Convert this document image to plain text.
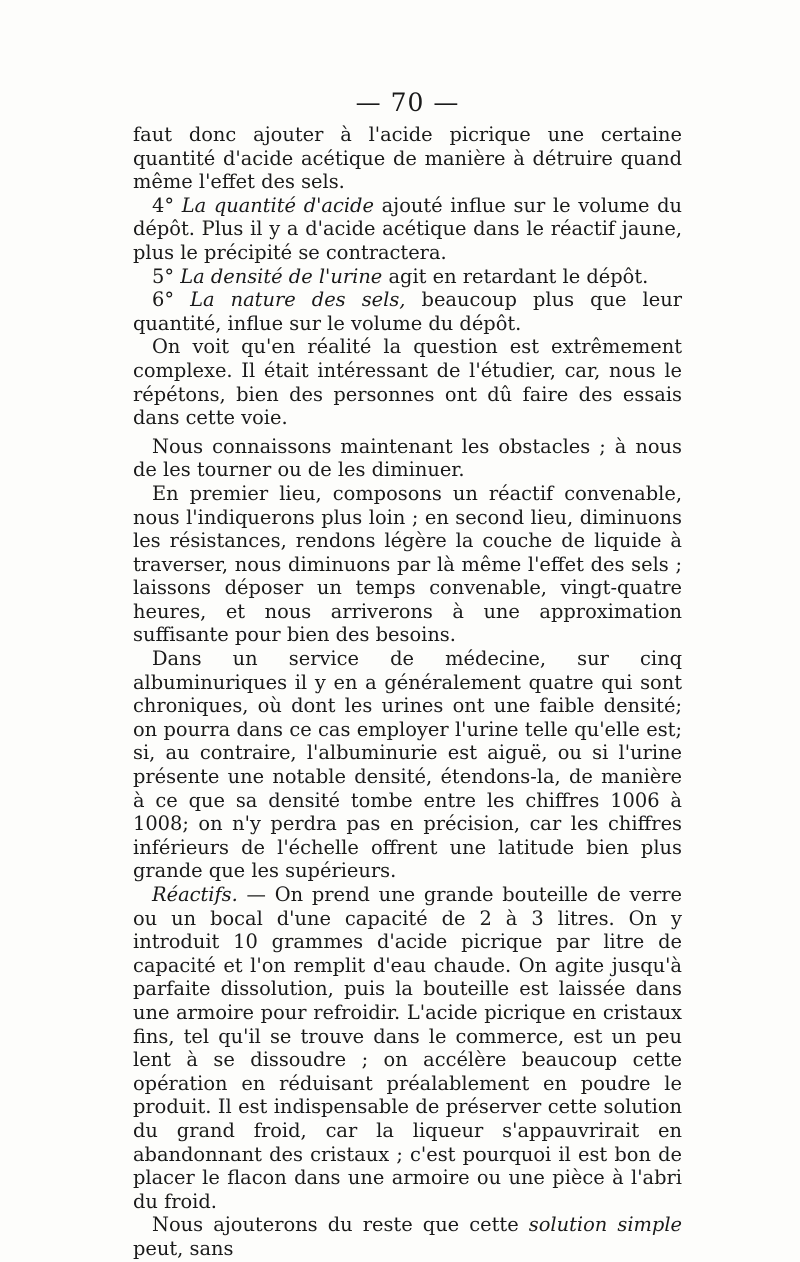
— 70 —

faut donc ajouter à l'acide picrique une certaine quantité d'acide acétique de manière à détruire quand même l'effet des sels.

4° La quantité d'acide ajouté influe sur le volume du dépôt. Plus il y a d'acide acétique dans le réactif jaune, plus le précipité se contractera.

5° La densité de l'urine agit en retardant le dépôt.

6° La nature des sels, beaucoup plus que leur quantité, influe sur le volume du dépôt.

On voit qu'en réalité la question est extrêmement complexe. Il était intéressant de l'étudier, car, nous le répétons, bien des personnes ont dû faire des essais dans cette voie.

Nous connaissons maintenant les obstacles ; à nous de les tourner ou de les diminuer.

En premier lieu, composons un réactif convenable, nous l'indiquerons plus loin ; en second lieu, diminuons les résistances, rendons légère la couche de liquide à traverser, nous diminuons par là même l'effet des sels ; laissons déposer un temps convenable, vingt-quatre heures, et nous arriverons à une approximation suffisante pour bien des besoins.

Dans un service de médecine, sur cinq albuminuriques il y en a généralement quatre qui sont chroniques, où dont les urines ont une faible densité; on pourra dans ce cas employer l'urine telle qu'elle est; si, au contraire, l'albuminurie est aiguë, ou si l'urine présente une notable densité, étendons-la, de manière à ce que sa densité tombe entre les chiffres 1006 à 1008; on n'y perdra pas en précision, car les chiffres inférieurs de l'échelle offrent une latitude bien plus grande que les supérieurs.

Réactifs. — On prend une grande bouteille de verre ou un bocal d'une capacité de 2 à 3 litres. On y introduit 10 grammes d'acide picrique par litre de capacité et l'on remplit d'eau chaude. On agite jusqu'à parfaite dissolution, puis la bouteille est laissée dans une armoire pour refroidir. L'acide picrique en cristaux fins, tel qu'il se trouve dans le commerce, est un peu lent à se dissoudre ; on accélère beaucoup cette opération en réduisant préalablement en poudre le produit. Il est indispensable de préserver cette solution du grand froid, car la liqueur s'appauvrirait en abandonnant des cristaux ; c'est pourquoi il est bon de placer le flacon dans une armoire ou une pièce à l'abri du froid.

Nous ajouterons du reste que cette solution simple peut, sans
